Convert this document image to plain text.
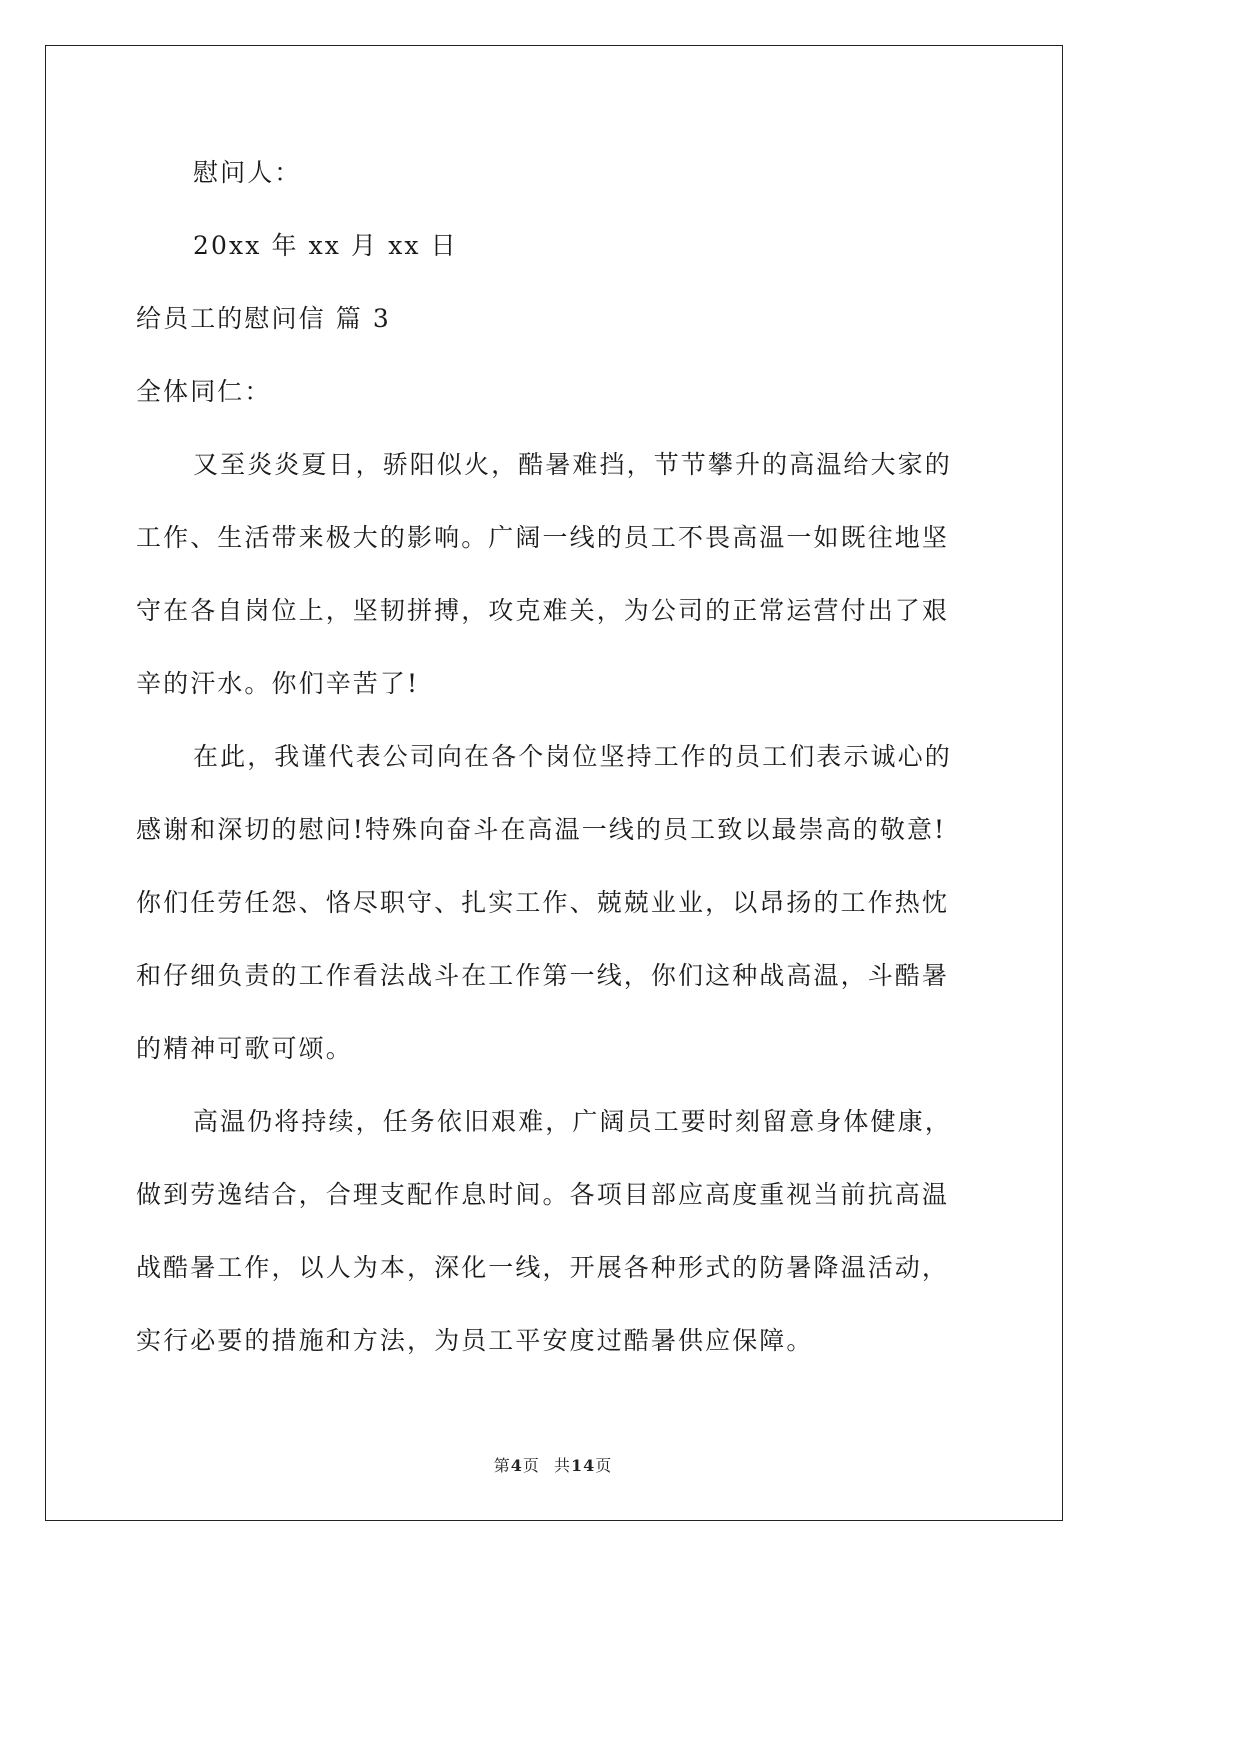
慰问人：
20xx 年 xx 月 xx 日
给员工的慰问信 篇 3
全体同仁：
又至炎炎夏日，骄阳似火，酷暑难挡，节节攀升的高温给大家的
工作、生活带来极大的影响。广阔一线的员工不畏高温一如既往地坚
守在各自岗位上，坚韧拼搏，攻克难关，为公司的正常运营付出了艰
辛的汗水。你们辛苦了!
在此，我谨代表公司向在各个岗位坚持工作的员工们表示诚心的
感谢和深切的慰问!特殊向奋斗在高温一线的员工致以最崇高的敬意!
你们任劳任怨、恪尽职守、扎实工作、兢兢业业，以昂扬的工作热忱
和仔细负责的工作看法战斗在工作第一线，你们这种战高温，斗酷暑
的精神可歌可颂。
高温仍将持续，任务依旧艰难，广阔员工要时刻留意身体健康，
做到劳逸结合，合理支配作息时间。各项目部应高度重视当前抗高温
战酷暑工作，以人为本，深化一线，开展各种形式的防暑降温活动，
实行必要的措施和方法，为员工平安度过酷暑供应保障。
第4页 共14页
